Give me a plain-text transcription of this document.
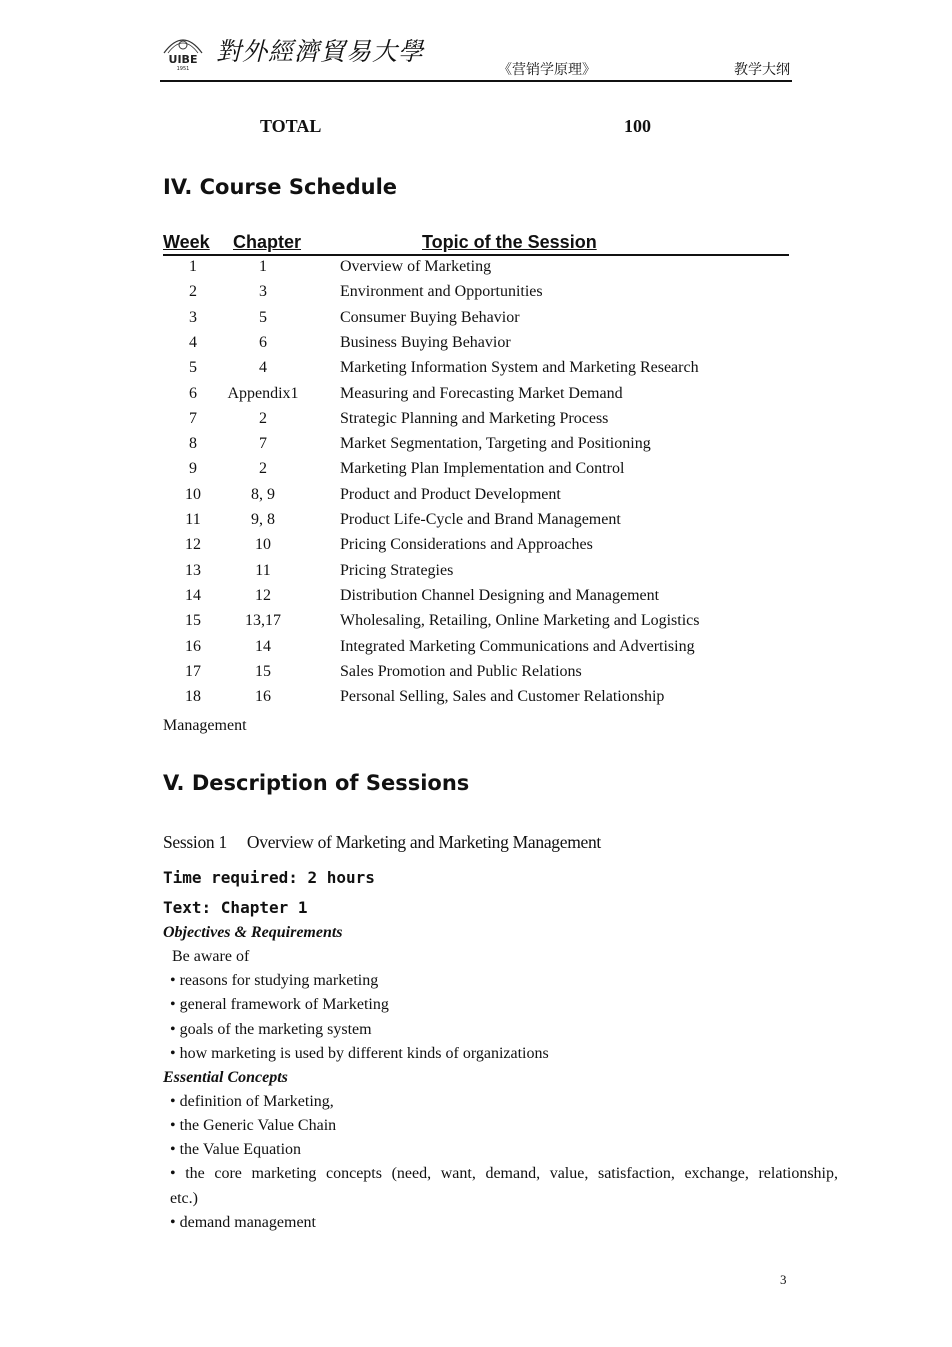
UIBE
1951
對外經濟貿易大學
《营销学原理》	教学大纲
TOTAL	100
IV. Course Schedule
Week Chapter	Topic of the Session
1	1	Overview of Marketing
2	3	Environment and Opportunities
3	5	Consumer Buying Behavior
4	6	Business Buying Behavior
5	4	Marketing Information System and Marketing Research
6	Appendix1	Measuring and Forecasting Market Demand
7	2	Strategic Planning and Marketing Process
8	7	Market Segmentation, Targeting and Positioning
9	2	Marketing Plan Implementation and Control
10	8, 9	Product and Product Development
11	9, 8	Product Life-Cycle and Brand Management
12	10	Pricing Considerations and Approaches
13	11	Pricing Strategies
14	12	Distribution Channel Designing and Management
15	13,17	Wholesaling, Retailing, Online Marketing and Logistics
16	14	Integrated Marketing Communications and Advertising
17	15	Sales Promotion and Public Relations
18	16	Personal Selling, Sales and Customer Relationship
Management
V. Description of Sessions
Session 1 Overview of Marketing and Marketing Management
Time required: 2 hours
Text: Chapter 1
Objectives & Requirements
Be aware of
• reasons for studying marketing
• general framework of Marketing
• goals of the marketing system
• how marketing is used by different kinds of organizations
Essential Concepts
• definition of Marketing,
• the Generic Value Chain
• the Value Equation
• the core marketing concepts (need, want, demand, value, satisfaction, exchange, relationship,
etc.)
• demand management
3
